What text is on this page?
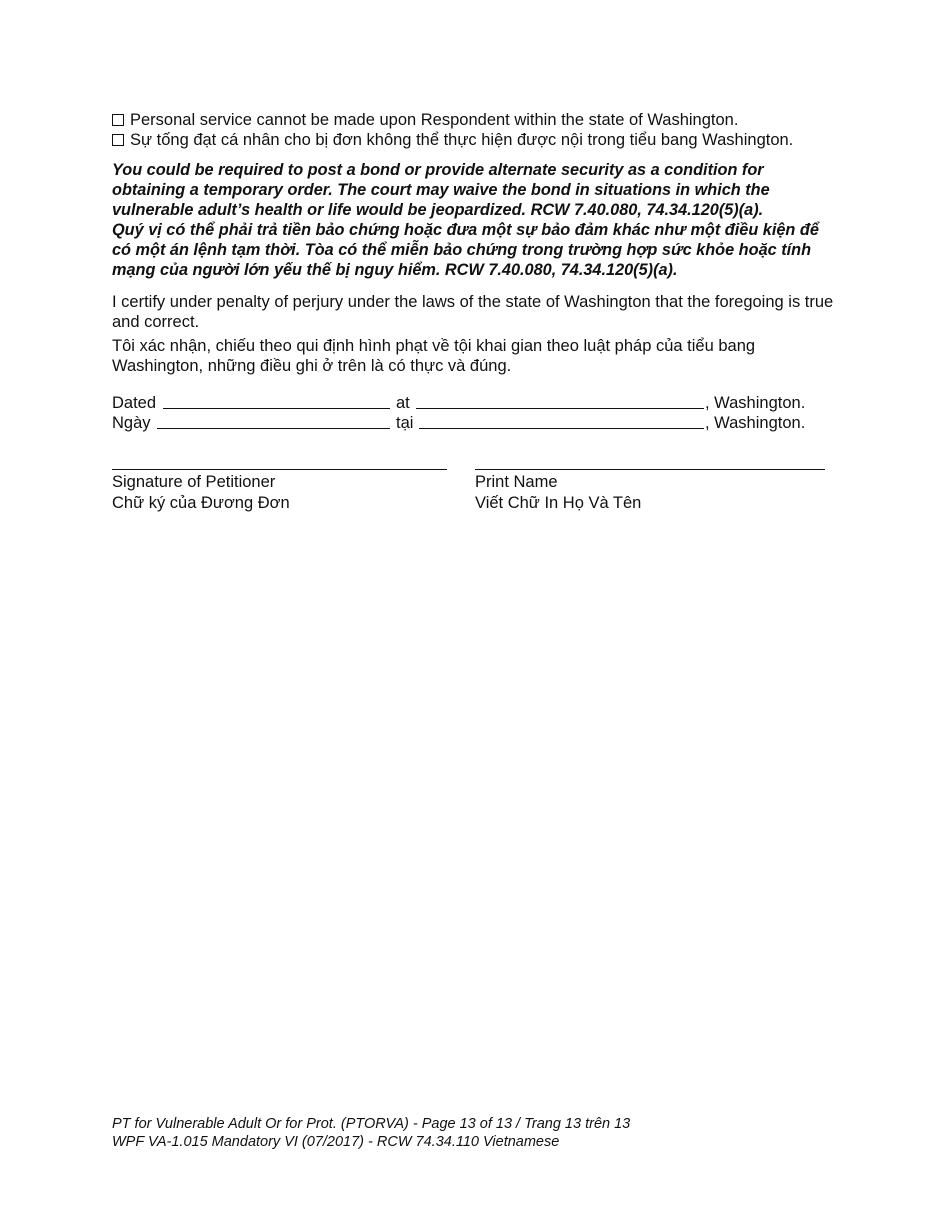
Personal service cannot be made upon Respondent within the state of Washington.

Sự tống đạt cá nhân cho bị đơn không thể thực hiện được nội trong tiểu bang Washington.

You could be required to post a bond or provide alternate security as a condition for obtaining a temporary order. The court may waive the bond in situations in which the vulnerable adult’s health or life would be jeopardized. RCW 7.40.080, 74.34.120(5)(a).

Quý vị có thể phải trả tiền bảo chứng hoặc đưa một sự bảo đảm khác như một điều kiện để có một án lệnh tạm thời. Tòa có thể miễn bảo chứng trong trường hợp sức khỏe hoặc tính mạng của người lớn yếu thế bị nguy hiểm. RCW 7.40.080, 74.34.120(5)(a).

I certify under penalty of perjury under the laws of the state of Washington that the foregoing is true and correct.

Tôi xác nhận, chiếu theo qui định hình phạt về tội khai gian theo luật pháp của tiểu bang Washington, những điều ghi ở trên là có thực và đúng.

Dated	at	, Washington.
Ngày	tại	, Washington.
Signature of Petitioner
Chữ ký của Đương Đơn
Print Name
Viết Chữ In Họ Và Tên

PT for Vulnerable Adult Or for Prot. (PTORVA) - Page 13 of 13 / Trang 13 trên 13

WPF VA-1.015 Mandatory VI (07/2017) - RCW 74.34.110 Vietnamese
